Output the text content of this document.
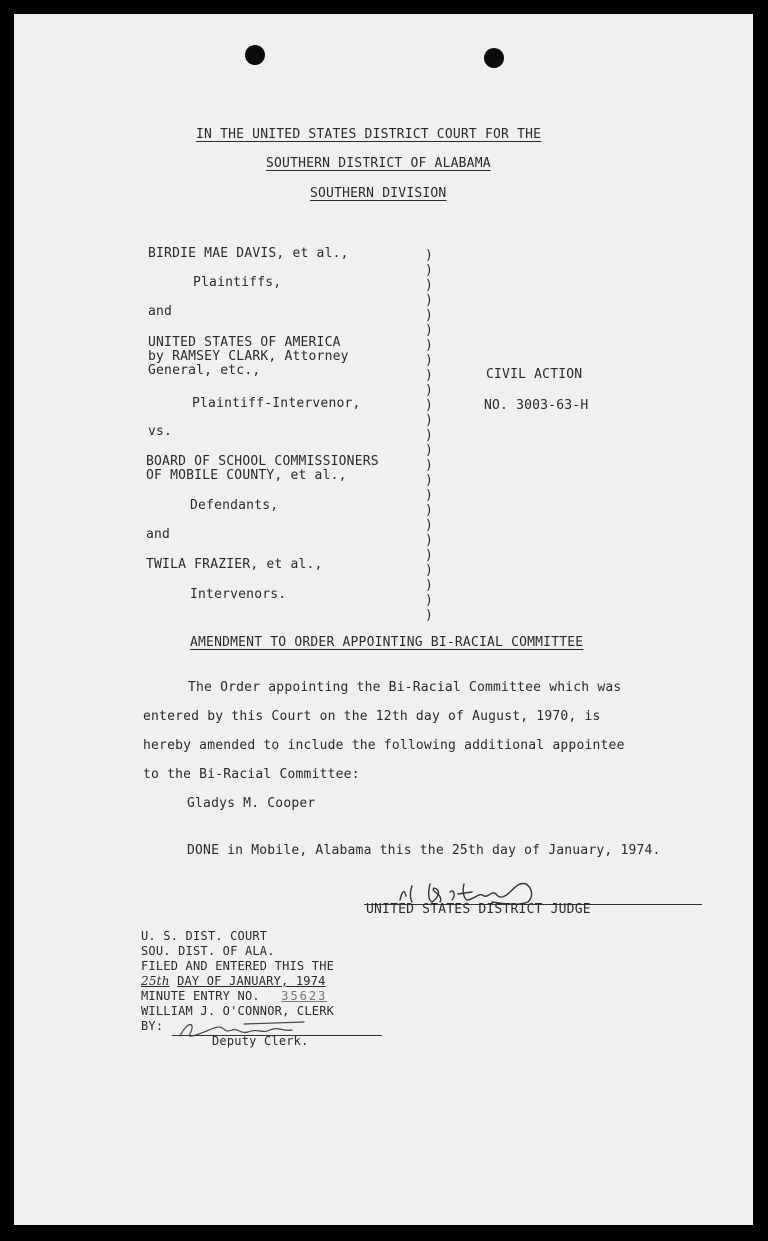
IN THE UNITED STATES DISTRICT COURT FOR THE
SOUTHERN DISTRICT OF ALABAMA
SOUTHERN DIVISION
BIRDIE MAE DAVIS, et al.,
Plaintiffs,
and
UNITED STATES OF AMERICA
by RAMSEY CLARK, Attorney
General, etc.,
Plaintiff-Intervenor,
vs.
BOARD OF SCHOOL COMMISSIONERS
OF MOBILE COUNTY, et al.,
Defendants,
and
TWILA FRAZIER, et al.,
Intervenors.
)
)
)
)
)
)
)
)
)
)
)
)
)
)
)
)
)
)
)
)
)
)
)
)
)
CIVIL ACTION
NO. 3003-63-H
AMENDMENT TO ORDER APPOINTING BI-RACIAL COMMITTEE
The Order appointing the Bi-Racial Committee which was
entered by this Court on the 12th day of August, 1970, is
hereby amended to include the following additional appointee
to the Bi-Racial Committee:
Gladys M. Cooper
DONE in Mobile, Alabama this the 25th day of January, 1974.
UNITED STATES DISTRICT JUDGE
U. S. DIST. COURT
SOU. DIST. OF ALA.
FILED AND ENTERED THIS THE
25th DAY OF JANUARY, 1974
MINUTE ENTRY NO. 35623
WILLIAM J. O'CONNOR, CLERK
BY:
Deputy Clerk.
